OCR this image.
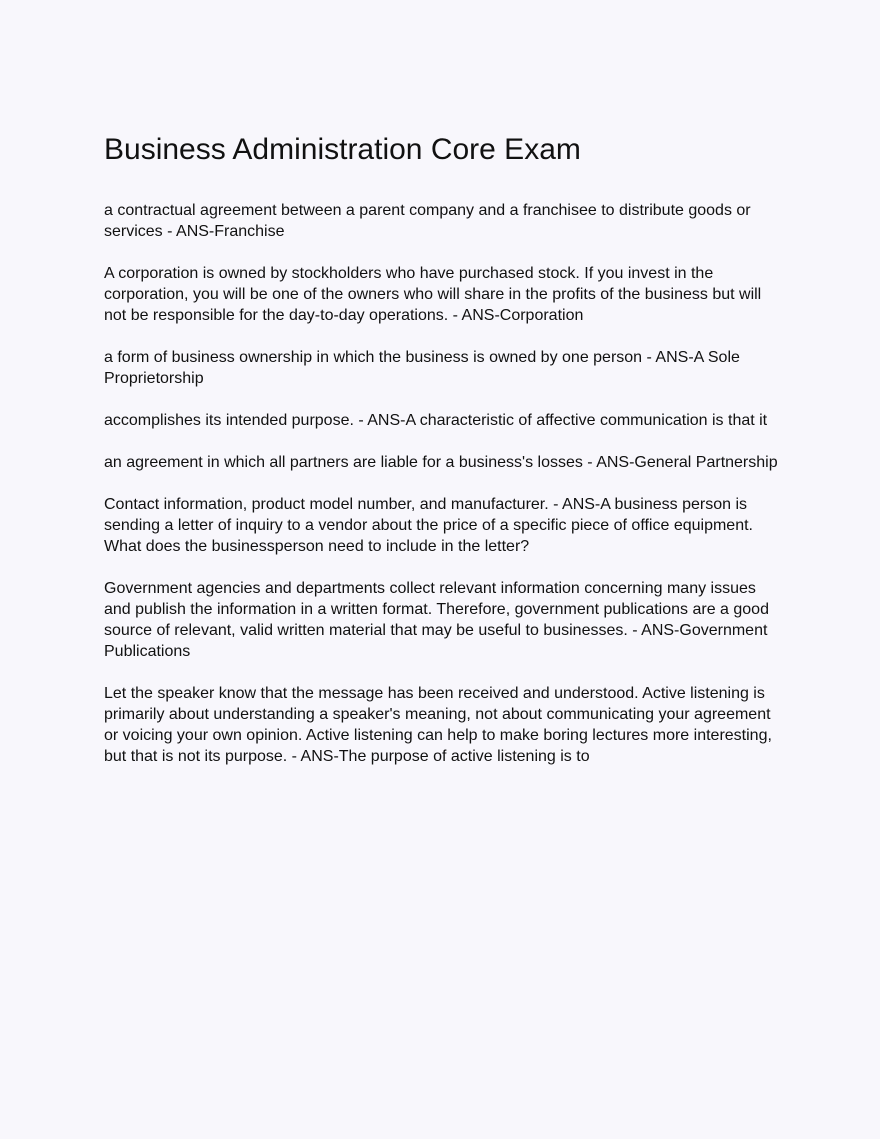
Business Administration Core Exam

a contractual agreement between a parent company and a franchisee to distribute goods or services - ANS-Franchise

A corporation is owned by stockholders who have purchased stock. If you invest in the corporation, you will be one of the owners who will share in the profits of the business but will not be responsible for the day-to-day operations. - ANS-Corporation

a form of business ownership in which the business is owned by one person - ANS-A Sole Proprietorship

accomplishes its intended purpose. - ANS-A characteristic of affective communication is that it

an agreement in which all partners are liable for a business's losses - ANS-General Partnership

Contact information, product model number, and manufacturer. - ANS-A business person is sending a letter of inquiry to a vendor about the price of a specific piece of office equipment. What does the businessperson need to include in the letter?

Government agencies and departments collect relevant information concerning many issues and publish the information in a written format. Therefore, government publications are a good source of relevant, valid written material that may be useful to businesses. - ANS-Government Publications

Let the speaker know that the message has been received and understood. Active listening is primarily about understanding a speaker's meaning, not about communicating your agreement or voicing your own opinion. Active listening can help to make boring lectures more interesting, but that is not its purpose. - ANS-The purpose of active listening is to
